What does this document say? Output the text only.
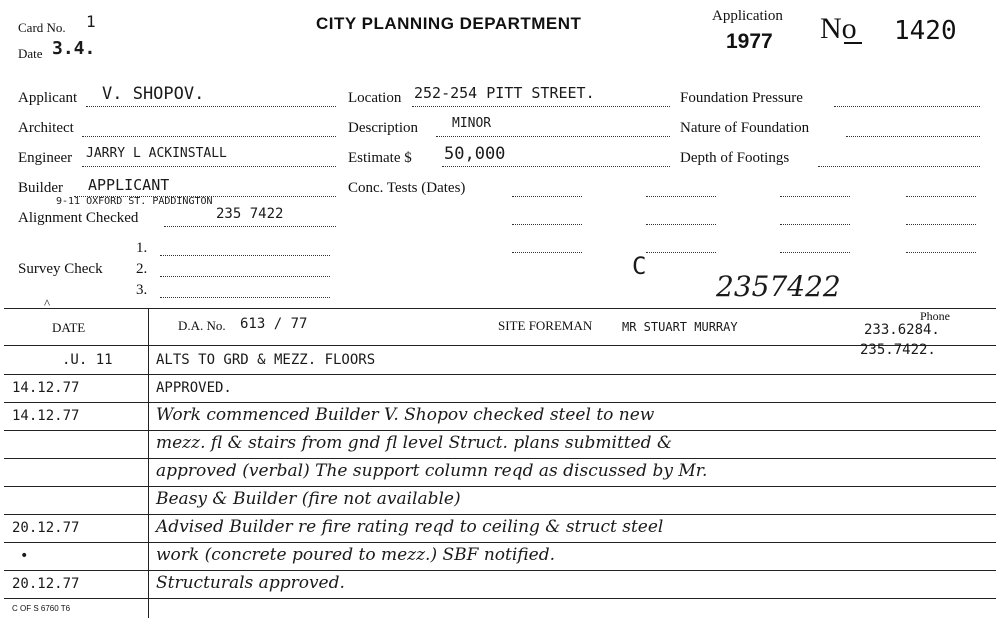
Card No. 1
Date 3.4.
CITY PLANNING DEPARTMENT	Application
1977 No 1420
Applicant V. SHOPOV.
Architect
Engineer JARRY L ACKINSTALL
Builder APPLICANT
9-11 OXFORD ST. PADDINGTON
Alignment Checked	235 7422
1.
Survey Check 2.
3.
^
Location 252-254 PITT STREET.
Description	MINOR
Estimate $ 50,000
Conc. Tests (Dates)
C
2357422
Foundation Pressure
Nature of Foundation
Depth of Footings
DATE	D.A. No. 613 / 77	SITE FOREMAN MR STUART MURRAY
Phone
233.6284.
235.7422.
.U. 11	ALTS TO GRD & MEZZ. FLOORS
14.12.77	APPROVED.
14.12.77	Work commenced Builder V. Shopov checked steel to new
mezz. fl & stairs from gnd fl level Struct. plans submitted &
approved (verbal) The support column reqd as discussed by Mr.
Beasy & Builder (fire not available)
20.12.77	Advised Builder re fire rating reqd to ceiling & struct steel
•	work (concrete poured to mezz.) SBF notified.
20.12.77	Structurals approved.
C OF S 6760 T6
